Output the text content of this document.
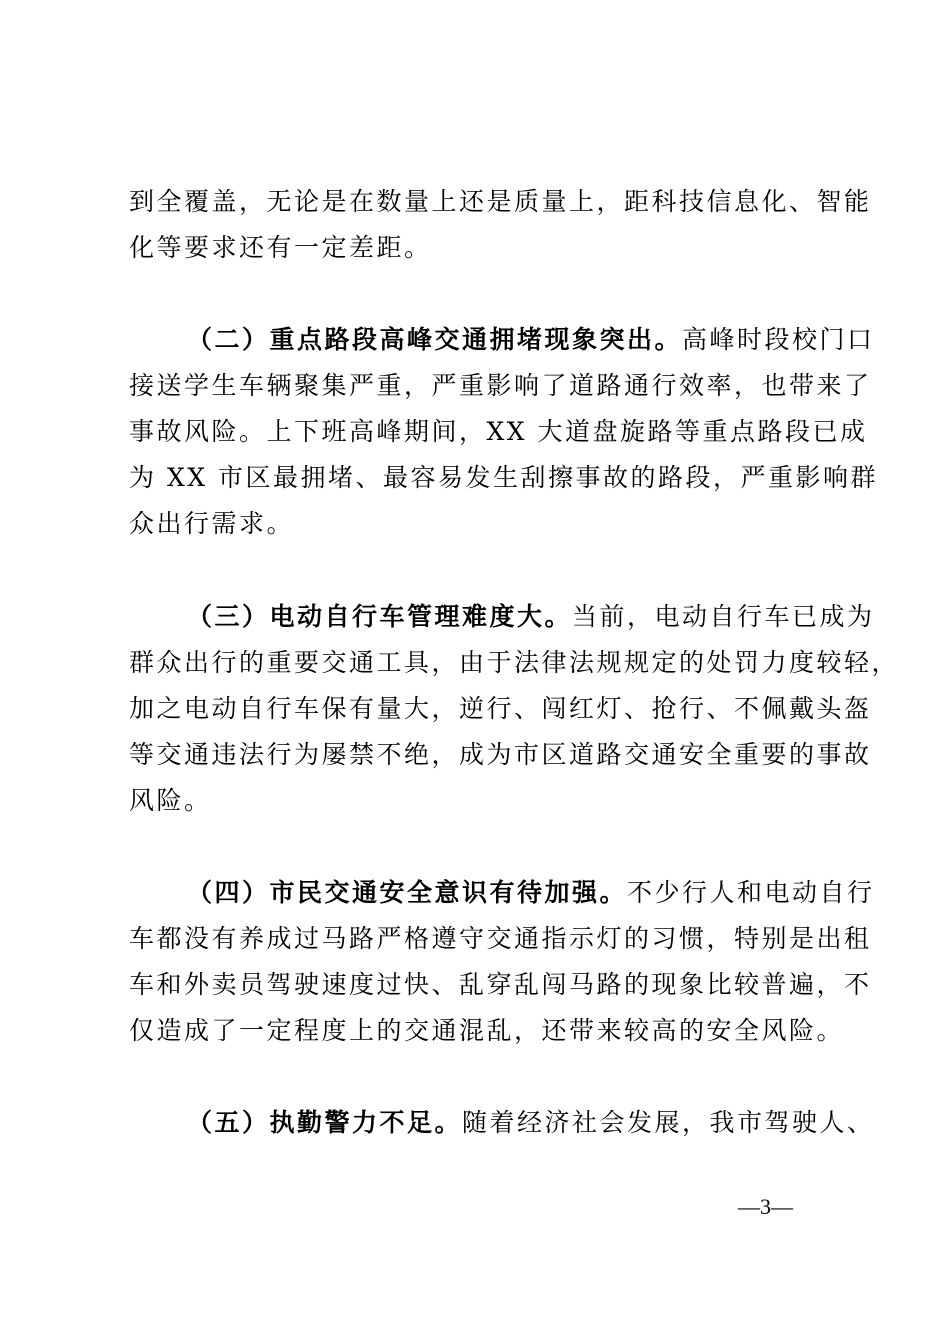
到全覆盖，无论是在数量上还是质量上，距科技信息化、智能

化等要求还有一定差距。

（二）重点路段高峰交通拥堵现象突出。高峰时段校门口

接送学生车辆聚集严重，严重影响了道路通行效率，也带来了

事故风险。上下班高峰期间，XX 大道盘旋路等重点路段已成

为 XX 市区最拥堵、最容易发生刮擦事故的路段，严重影响群

众出行需求。

（三）电动自行车管理难度大。当前，电动自行车已成为

群众出行的重要交通工具，由于法律法规规定的处罚力度较轻，

加之电动自行车保有量大，逆行、闯红灯、抢行、不佩戴头盔

等交通违法行为屡禁不绝，成为市区道路交通安全重要的事故

风险。

（四）市民交通安全意识有待加强。不少行人和电动自行

车都没有养成过马路严格遵守交通指示灯的习惯，特别是出租

车和外卖员驾驶速度过快、乱穿乱闯马路的现象比较普遍，不

仅造成了一定程度上的交通混乱，还带来较高的安全风险。

（五）执勤警力不足。随着经济社会发展，我市驾驶人、

—3—
